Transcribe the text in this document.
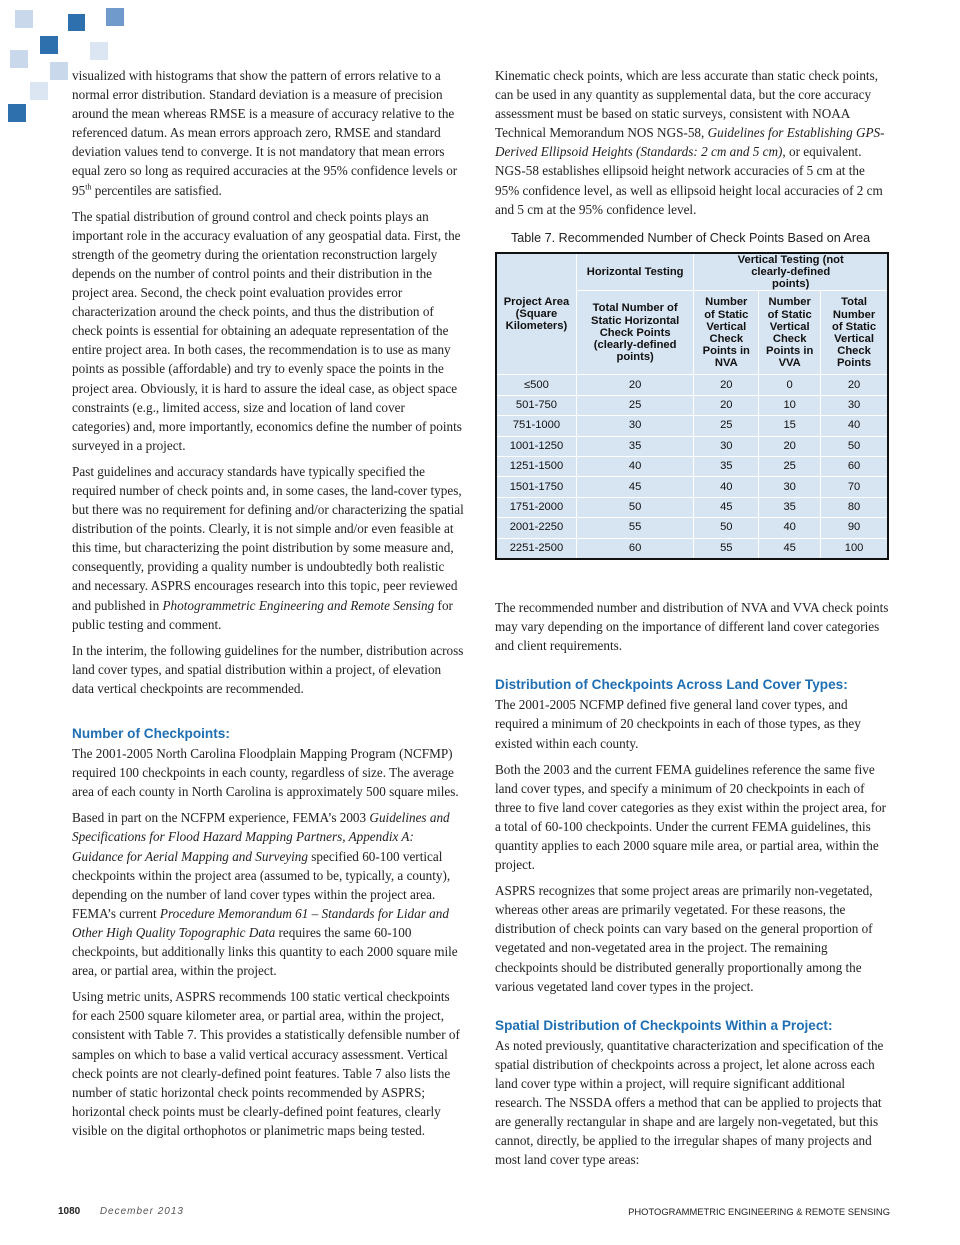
visualized with histograms that show the pattern of errors relative to a normal error distribution. Standard deviation is a measure of precision around the mean whereas RMSE is a measure of accuracy relative to the referenced datum. As mean errors approach zero, RMSE and standard deviation values tend to converge. It is not mandatory that mean errors equal zero so long as required accuracies at the 95% confidence levels or 95th percentiles are satisfied.

The spatial distribution of ground control and check points plays an important role in the accuracy evaluation of any geospatial data. First, the strength of the geometry during the orientation reconstruction largely depends on the number of control points and their distribution in the project area. Second, the check point evaluation provides error characterization around the check points, and thus the distribution of check points is essential for obtaining an adequate representation of the entire project area. In both cases, the recommendation is to use as many points as possible (affordable) and try to evenly space the points in the project area. Obviously, it is hard to assure the ideal case, as object space constraints (e.g., limited access, size and location of land cover categories) and, more importantly, economics define the number of points surveyed in a project.

Past guidelines and accuracy standards have typically specified the required number of check points and, in some cases, the land-cover types, but there was no requirement for defining and/or characterizing the spatial distribution of the points. Clearly, it is not simple and/or even feasible at this time, but characterizing the point distribution by some measure and, consequently, providing a quality number is undoubtedly both realistic and necessary. ASPRS encourages research into this topic, peer reviewed and published in Photogrammetric Engineering and Remote Sensing for public testing and comment.

In the interim, the following guidelines for the number, distribution across land cover types, and spatial distribution within a project, of elevation data vertical checkpoints are recommended.

Number of Checkpoints:

The 2001-2005 North Carolina Floodplain Mapping Program (NCFMP) required 100 checkpoints in each county, regardless of size. The average area of each county in North Carolina is approximately 500 square miles.

Based in part on the NCFPM experience, FEMA’s 2003 Guidelines and Specifications for Flood Hazard Mapping Partners, Appendix A: Guidance for Aerial Mapping and Surveying specified 60-100 vertical checkpoints within the project area (assumed to be, typically, a county), depending on the number of land cover types within the project area. FEMA’s current Procedure Memorandum 61 – Standards for Lidar and Other High Quality Topographic Data requires the same 60-100 checkpoints, but additionally links this quantity to each 2000 square mile area, or partial area, within the project.

Using metric units, ASPRS recommends 100 static vertical checkpoints for each 2500 square kilometer area, or partial area, within the project, consistent with Table 7. This provides a statistically defensible number of samples on which to base a valid vertical accuracy assessment. Vertical check points are not clearly-defined point features. Table 7 also lists the number of static horizontal check points recommended by ASPRS; horizontal check points must be clearly-defined point features, clearly visible on the digital orthophotos or planimetric maps being tested.

Kinematic check points, which are less accurate than static check points, can be used in any quantity as supplemental data, but the core accuracy assessment must be based on static surveys, consistent with NOAA Technical Memorandum NOS NGS-58, Guidelines for Establishing GPS-Derived Ellipsoid Heights (Standards: 2 cm and 5 cm), or equivalent. NGS-58 establishes ellipsoid height network accuracies of 5 cm at the 95% confidence level, as well as ellipsoid height local accuracies of 2 cm and 5 cm at the 95% confidence level.

Table 7. Recommended Number of Check Points Based on Area
Project Area (Square Kilometers)	Horizontal Testing	Vertical Testing (not clearly-defined points)		
	Total Number of Static Horizontal Check Points (clearly-defined points)	Number of Static Vertical Check Points in NVA	Number of Static Vertical Check Points in VVA	Total Number of Static Vertical Check Points
≤500	20	20	0	20
501-750	25	20	10	30
751-1000	30	25	15	40
1001-1250	35	30	20	50
1251-1500	40	35	25	60
1501-1750	45	40	30	70
1751-2000	50	45	35	80
2001-2250	55	50	40	90
2251-2500	60	55	45	100

The recommended number and distribution of NVA and VVA check points may vary depending on the importance of different land cover categories and client requirements.

Distribution of Checkpoints Across Land Cover Types:

The 2001-2005 NCFMP defined five general land cover types, and required a minimum of 20 checkpoints in each of those types, as they existed within each county.

Both the 2003 and the current FEMA guidelines reference the same five land cover types, and specify a minimum of 20 checkpoints in each of three to five land cover categories as they exist within the project area, for a total of 60-100 checkpoints. Under the current FEMA guidelines, this quantity applies to each 2000 square mile area, or partial area, within the project.

ASPRS recognizes that some project areas are primarily non-vegetated, whereas other areas are primarily vegetated. For these reasons, the distribution of check points can vary based on the general proportion of vegetated and non-vegetated area in the project. The remaining checkpoints should be distributed generally proportionally among the various vegetated land cover types in the project.

Spatial Distribution of Checkpoints Within a Project:

As noted previously, quantitative characterization and specification of the spatial distribution of checkpoints across a project, let alone across each land cover type within a project, will require significant additional research. The NSSDA offers a method that can be applied to projects that are generally rectangular in shape and are largely non-vegetated, but this cannot, directly, be applied to the irregular shapes of many projects and most land cover type areas:

1080 December 2013	PHOTOGRAMMETRIC ENGINEERING & REMOTE SENSING
